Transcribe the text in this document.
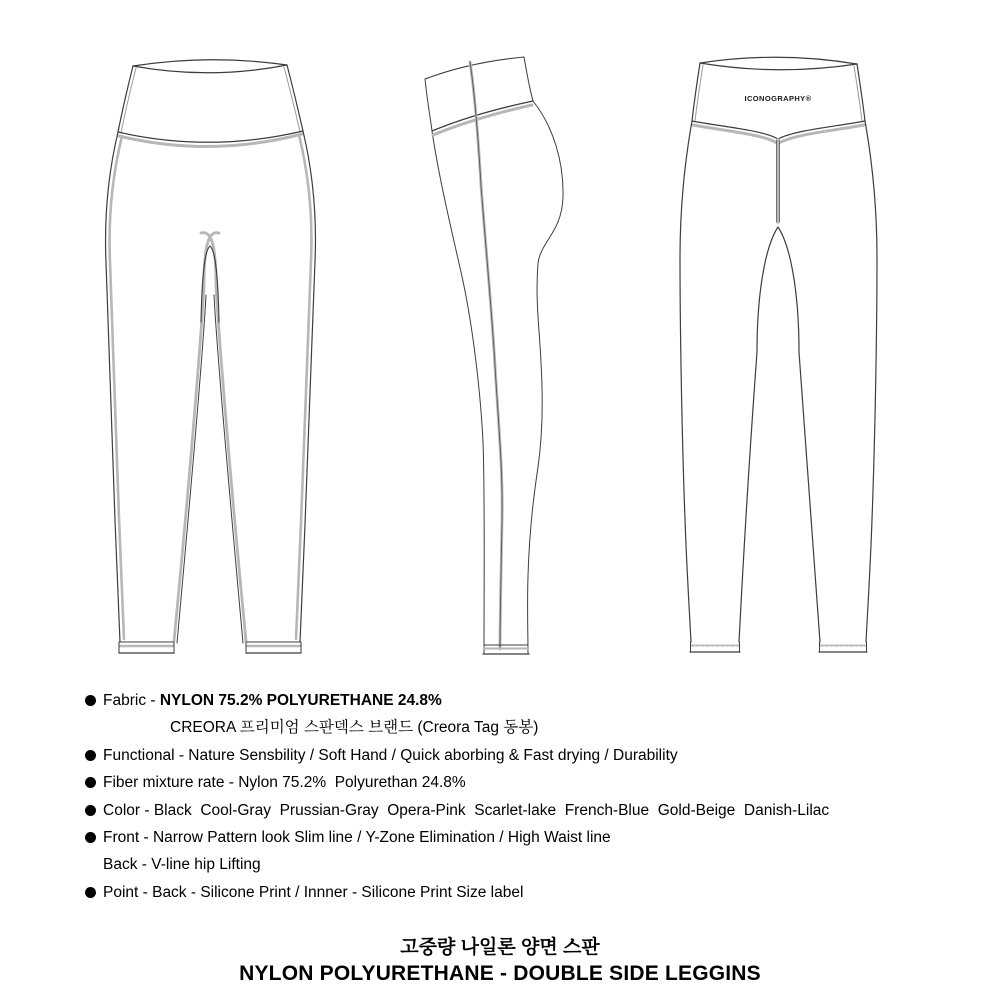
ICONOGRAPHY®
Fabric - NYLON 75.2% POLYURETHANE 24.8%
CREORA 프리미엄 스판덱스 브랜드 (Creora Tag 동봉)
Functional - Nature Sensbility / Soft Hand / Quick aborbing & Fast drying / Durability
Fiber mixture rate - Nylon 75.2%  Polyurethan 24.8%
Color - Black  Cool-Gray  Prussian-Gray  Opera-Pink  Scarlet-lake  French-Blue  Gold-Beige  Danish-Lilac
Front - Narrow Pattern look Slim line / Y-Zone Elimination / High Waist line
Back - V-line hip Lifting
Point - Back - Silicone Print / Innner - Silicone Print Size label
고중량 나일론 양면 스판
NYLON POLYURETHANE - DOUBLE SIDE LEGGINS
